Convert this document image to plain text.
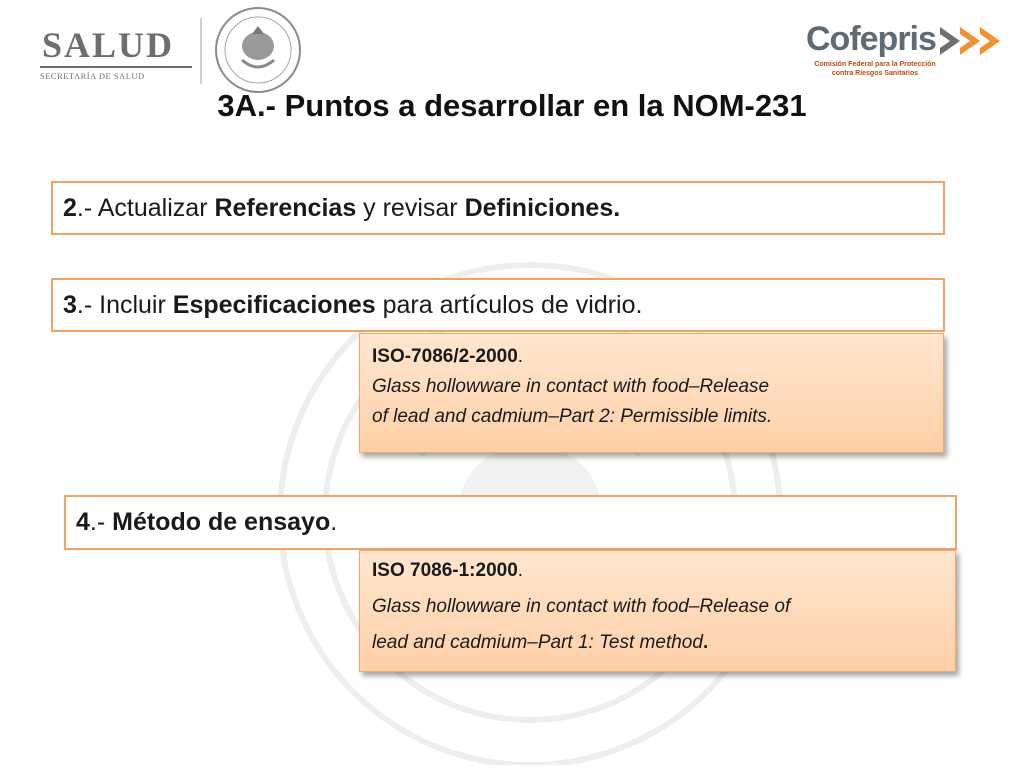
SALUD
SECRETARÍA DE SALUD
Cofepris
Comisión Federal para la Protección
contra Riesgos Sanitarios
3A.- Puntos a desarrollar en la NOM-231
2.- Actualizar Referencias y revisar Definiciones.
3.- Incluir Especificaciones para artículos de vidrio.
ISO-7086/2-2000.
Glass hollowware in contact with food–Release
of lead and cadmium–Part 2: Permissible limits.
4.- Método de ensayo.
ISO 7086-1:2000.
Glass hollowware in contact with food–Release of
lead and cadmium–Part 1: Test method.
